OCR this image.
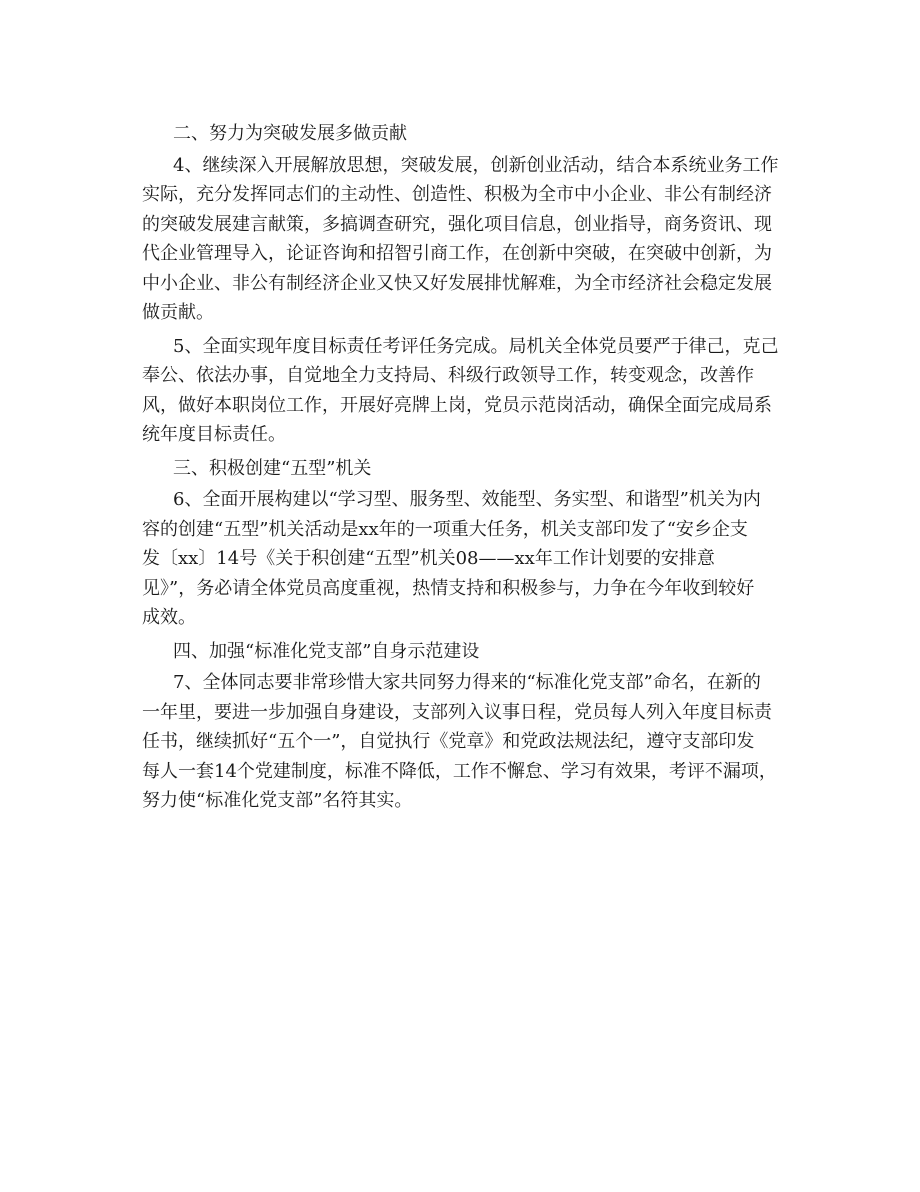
二、努力为突破发展多做贡献
4、继续深入开展解放思想，突破发展，创新创业活动，结合本系统业务工作
实际，充分发挥同志们的主动性、创造性、积极为全市中小企业、非公有制经济
的突破发展建言献策，多搞调查研究，强化项目信息，创业指导，商务资讯、现
代企业管理导入，论证咨询和招智引商工作，在创新中突破，在突破中创新，为
中小企业、非公有制经济企业又快又好发展排忧解难，为全市经济社会稳定发展
做贡献。
5、全面实现年度目标责任考评任务完成。局机关全体党员要严于律己，克己
奉公、依法办事，自觉地全力支持局、科级行政领导工作，转变观念，改善作
风，做好本职岗位工作，开展好亮牌上岗，党员示范岗活动，确保全面完成局系
统年度目标责任。
三、积极创建“五型”机关
6、全面开展构建以“学习型、服务型、效能型、务实型、和谐型”机关为内
容的创建“五型”机关活动是xx年的一项重大任务，机关支部印发了“安乡企支
发〔xx〕14号《关于积创建“五型”机关08——xx年工作计划要的安排意
见》”，务必请全体党员高度重视，热情支持和积极参与，力争在今年收到较好
成效。
四、加强“标准化党支部”自身示范建设
7、全体同志要非常珍惜大家共同努力得来的“标准化党支部”命名，在新的
一年里，要进一步加强自身建设，支部列入议事日程，党员每人列入年度目标责
任书，继续抓好“五个一”，自觉执行《党章》和党政法规法纪，遵守支部印发
每人一套14个党建制度，标准不降低，工作不懈怠、学习有效果，考评不漏项，
努力使“标准化党支部”名符其实。
